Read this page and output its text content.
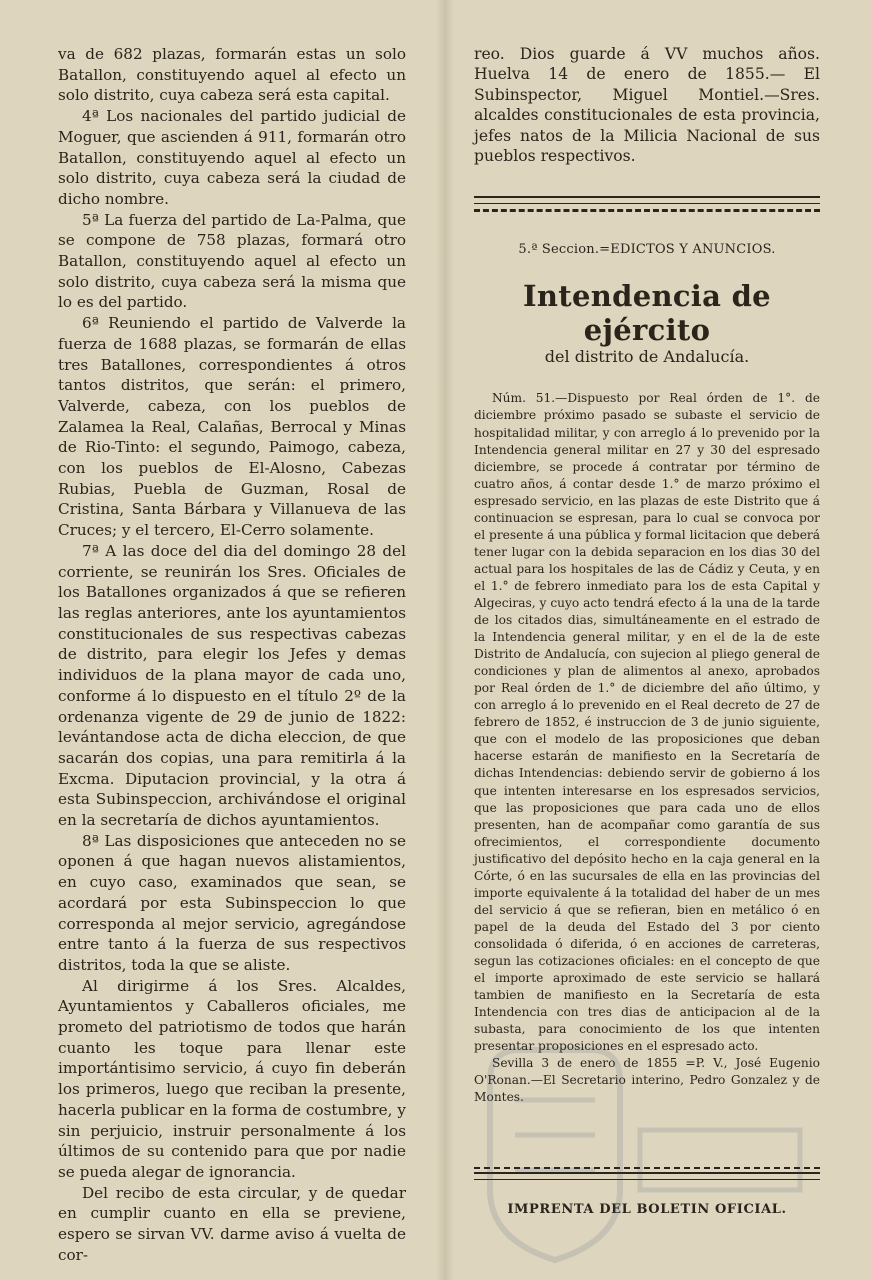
va de 682 plazas, formarán estas un solo Batallon, constituyendo aquel al efecto un solo distrito, cuya cabeza será esta capital.

4ª Los nacionales del partido judicial de Moguer, que ascienden á 911, formarán otro Batallon, constituyendo aquel al efecto un solo distrito, cuya cabeza será la ciudad de dicho nombre.

5ª La fuerza del partido de La-Palma, que se compone de 758 plazas, formará otro Batallon, constituyendo aquel al efecto un solo distrito, cuya cabeza será la misma que lo es del partido.

6ª Reuniendo el partido de Valverde la fuerza de 1688 plazas, se formarán de ellas tres Batallones, correspondientes á otros tantos distritos, que serán: el primero, Valverde, cabeza, con los pueblos de Zalamea la Real, Calañas, Berrocal y Minas de Rio-Tinto: el segundo, Paimogo, cabeza, con los pueblos de El-Alosno, Cabezas Rubias, Puebla de Guzman, Rosal de Cristina, Santa Bárbara y Villanueva de las Cruces; y el tercero, El-Cerro solamente.

7ª A las doce del dia del domingo 28 del corriente, se reunirán los Sres. Oficiales de los Batallones organizados á que se refieren las reglas anteriores, ante los ayuntamientos constitucionales de sus respectivas cabezas de distrito, para elegir los Jefes y demas individuos de la plana mayor de cada uno, conforme á lo dispuesto en el título 2º de la ordenanza vigente de 29 de junio de 1822: levántandose acta de dicha eleccion, de que sacarán dos copias, una para remitirla á la Excma. Diputacion provincial, y la otra á esta Subinspeccion, archivándose el original en la secretaría de dichos ayuntamientos.

8ª Las disposiciones que anteceden no se oponen á que hagan nuevos alistamientos, en cuyo caso, examinados que sean, se acordará por esta Subinspeccion lo que corresponda al mejor servicio, agregándose entre tanto á la fuerza de sus respectivos distritos, toda la que se aliste.

Al dirigirme á los Sres. Alcaldes, Ayuntamientos y Caballeros oficiales, me prometo del patriotismo de todos que harán cuanto les toque para llenar este importántisimo servicio, á cuyo fin deberán los primeros, luego que reciban la presente, hacerla publicar en la forma de costumbre, y sin perjuicio, instruir personalmente á los últimos de su contenido para que por nadie se pueda alegar de ignorancia.

Del recibo de esta circular, y de quedar en cumplir cuanto en ella se previene, espero se sirvan VV. darme aviso á vuelta de cor-

reo. Dios guarde á VV muchos años. Huelva 14 de enero de 1855.— El Subinspector, Miguel Montiel.—Sres. alcaldes constitucionales de esta provincia, jefes natos de la Milicia Nacional de sus pueblos respectivos.

5.ª Seccion.=EDICTOS Y ANUNCIOS.

Intendencia de ejército

del distrito de Andalucía.

Núm. 51.—Dispuesto por Real órden de 1°. de diciembre próximo pasado se subaste el servicio de hospitalidad militar, y con arreglo á lo prevenido por la Intendencia general militar en 27 y 30 del espresado diciembre, se procede á contratar por término de cuatro años, á contar desde 1.° de marzo próximo el espresado servicio, en las plazas de este Distrito que á continuacion se espresan, para lo cual se convoca por el presente á una pública y formal licitacion que deberá tener lugar con la debida separacion en los dias 30 del actual para los hospitales de las de Cádiz y Ceuta, y en el 1.° de febrero inmediato para los de esta Capital y Algeciras, y cuyo acto tendrá efecto á la una de la tarde de los citados dias, simultáneamente en el estrado de la Intendencia general militar, y en el de la de este Distrito de Andalucía, con sujecion al pliego general de condiciones y plan de alimentos al anexo, aprobados por Real órden de 1.° de diciembre del año último, y con arreglo á lo prevenido en el Real decreto de 27 de febrero de 1852, é instruccion de 3 de junio siguiente, que con el modelo de las proposiciones que deban hacerse estarán de manifiesto en la Secretaría de dichas Intendencias: debiendo servir de gobierno á los que intenten interesarse en los espresados servicios, que las proposiciones que para cada uno de ellos presenten, han de acompañar como garantía de sus ofrecimientos, el correspondiente documento justificativo del depósito hecho en la caja general en la Córte, ó en las sucursales de ella en las provincias del importe equivalente á la totalidad del haber de un mes del servicio á que se refieran, bien en metálico ó en papel de la deuda del Estado del 3 por ciento consolidada ó diferida, ó en acciones de carreteras, segun las cotizaciones oficiales: en el concepto de que el importe aproximado de este servicio se hallará tambien de manifiesto en la Secretaría de esta Intendencia con tres dias de anticipacion al de la subasta, para conocimiento de los que intenten presentar proposiciones en el espresado acto.

Sevilla 3 de enero de 1855 =P. V., José Eugenio O'Ronan.—El Secretario interino, Pedro Gonzalez y de Montes.

IMPRENTA DEL BOLETIN OFICIAL.
